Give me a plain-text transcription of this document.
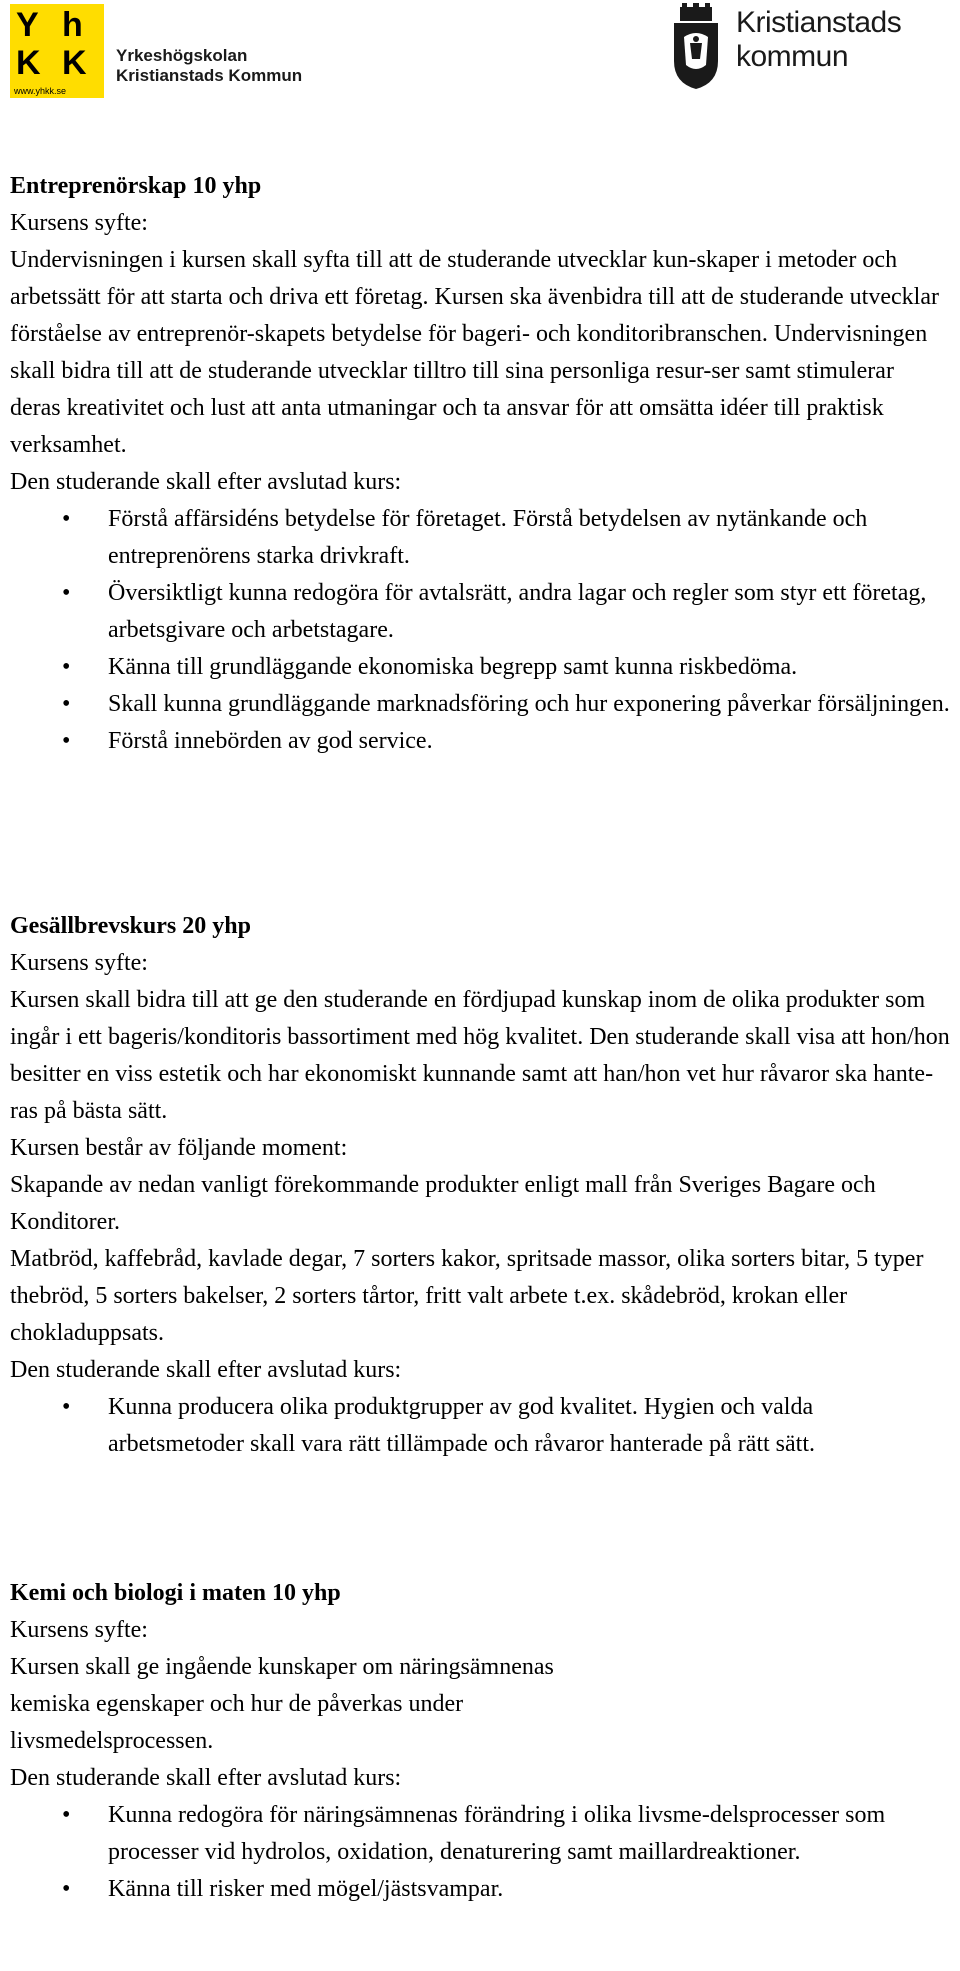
Y h
K K
www.yhkk.se
Yrkeshögskolan
Kristianstads Kommun
Kristianstads
kommun

Entreprenörskap 10 yhp

Kursens syfte:

Undervisningen i kursen skall syfta till att de studerande utvecklar kun-skaper i metoder och arbetssätt för att starta och driva ett företag. Kursen ska ävenbidra till att de studerande utvecklar förståelse av entreprenör-skapets betydelse för bageri- och konditoribranschen. Undervisningen skall bidra till att de studerande utvecklar tilltro till sina personliga resur-ser samt stimulerar deras kreativitet och lust att anta utmaningar och ta ansvar för att omsätta idéer till praktisk verksamhet.

Den studerande skall efter avslutad kurs:

• Förstå affärsidéns betydelse för företaget. Förstå betydelsen av nytänkande och entreprenörens starka drivkraft.
• Översiktligt kunna redogöra för avtalsrätt, andra lagar och regler som styr ett företag, arbetsgivare och arbetstagare.
• Känna till grundläggande ekonomiska begrepp samt kunna riskbedöma.
• Skall kunna grundläggande marknadsföring och hur exponering påverkar försäljningen.
• Förstå innebörden av god service.

Gesällbrevskurs 20 yhp

Kursens syfte:

Kursen skall bidra till att ge den studerande en fördjupad kunskap inom de olika produkter som ingår i ett bageris/konditoris bassortiment med hög kvalitet. Den studerande skall visa att hon/hon besitter en viss estetik och har ekonomiskt kunnande samt att han/hon vet hur råvaror ska hante-ras på bästa sätt.

Kursen består av följande moment:

Skapande av nedan vanligt förekommande produkter enligt mall från Sveriges Bagare och Konditorer.

Matbröd, kaffebråd, kavlade degar, 7 sorters kakor, spritsade massor, olika sorters bitar, 5 typer thebröd, 5 sorters bakelser, 2 sorters tårtor, fritt valt arbete t.ex. skådebröd, krokan eller chokladuppsats.

Den studerande skall efter avslutad kurs:

• Kunna producera olika produktgrupper av god kvalitet. Hygien och valda arbetsmetoder skall vara rätt tillämpade och råvaror hanterade på rätt sätt.

Kemi och biologi i maten 10 yhp

Kursens syfte:

Kursen skall ge ingående kunskaper om näringsämnenas

kemiska egenskaper och hur de påverkas under

livsmedelsprocessen.

Den studerande skall efter avslutad kurs:

• Kunna redogöra för näringsämnenas förändring i olika livsme-delsprocesser som processer vid hydrolos, oxidation, denaturering samt maillardreaktioner.
• Känna till risker med mögel/jästsvampar.
